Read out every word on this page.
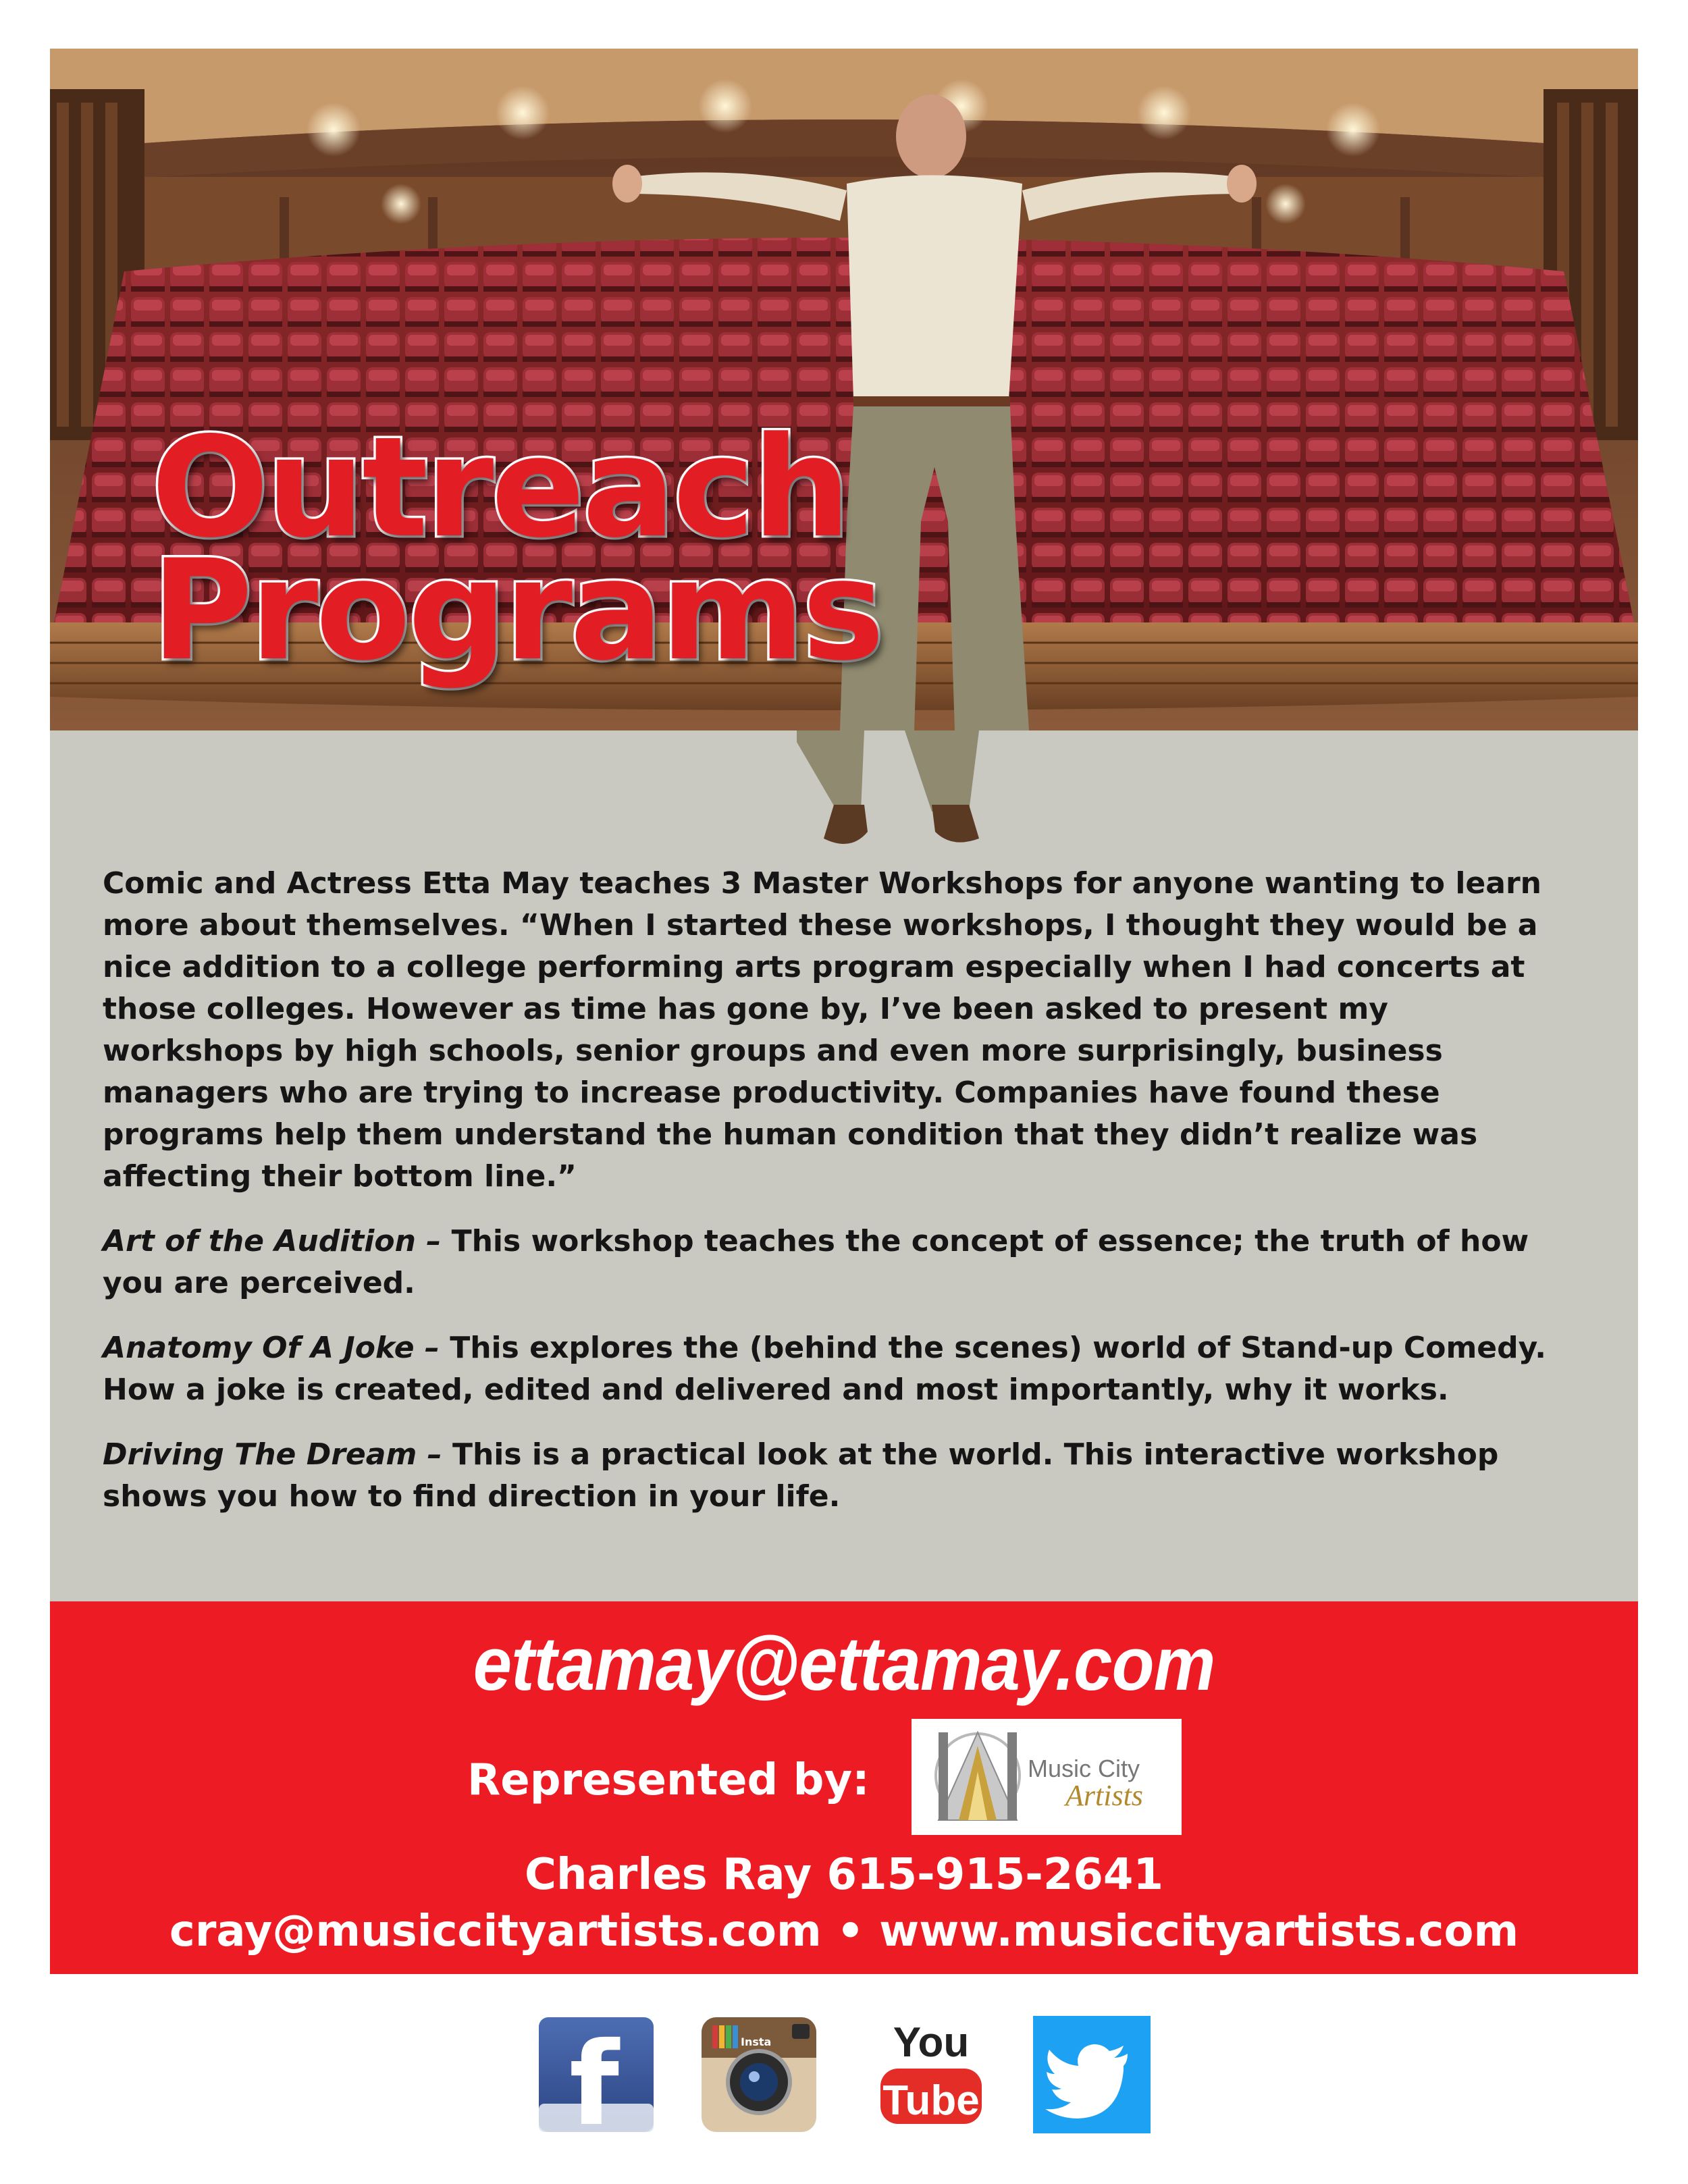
Outreach
Programs

Comic and Actress Etta May teaches 3 Master Workshops for anyone wanting to learn more about themselves. “When I started these workshops, I thought they would be a nice addition to a college performing arts program especially when I had concerts at those colleges. However as time has gone by, I’ve been asked to present my workshops by high schools, senior groups and even more surprisingly, business managers who are trying to increase productivity. Companies have found these programs help them understand the human condition that they didn’t realize was affecting their bottom line.”

Art of the Audition – This workshop teaches the concept of essence; the truth of how you are perceived.

Anatomy Of A Joke – This explores the (behind the scenes) world of Stand-up Comedy. How a joke is created, edited and delivered and most importantly, why it works.

Driving The Dream – This is a practical look at the world. This interactive workshop shows you how to find direction in your life.

ettamay@ettamay.com
Represented by:	Music City
Artists
Charles Ray 615-915-2641
cray@musiccityartists.com • www.musiccityartists.com
f	Insta	You
Tube
